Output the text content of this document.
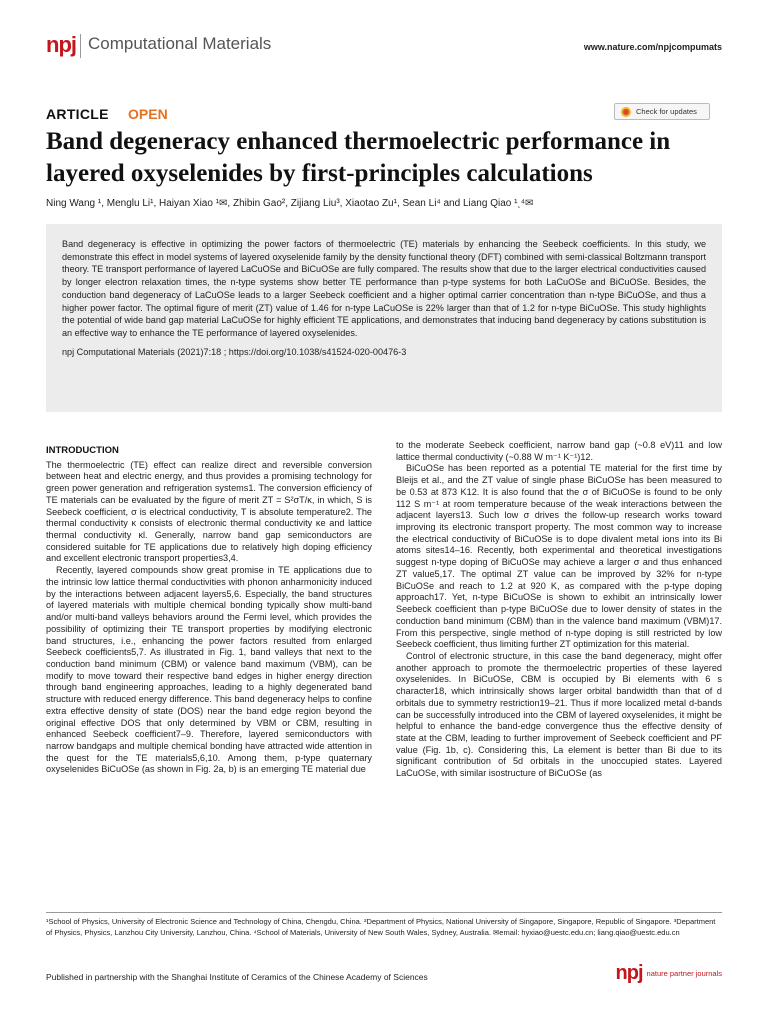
npj Computational Materials	www.nature.com/npjcompumats
ARTICLE OPEN	Check for updates
Band degeneracy enhanced thermoelectric performance in layered oxyselenides by first-principles calculations
Ning Wang ¹, Menglu Li¹, Haiyan Xiao ¹✉, Zhibin Gao², Zijiang Liu³, Xiaotao Zu¹, Sean Li⁴ and Liang Qiao ¹ˎ⁴✉

Band degeneracy is effective in optimizing the power factors of thermoelectric (TE) materials by enhancing the Seebeck coefficients. In this study, we demonstrate this effect in model systems of layered oxyselenide family by the density functional theory (DFT) combined with semi-classical Boltzmann transport theory. TE transport performance of layered LaCuOSe and BiCuOSe are fully compared. The results show that due to the larger electrical conductivities caused by longer electron relaxation times, the n-type systems show better TE performance than p-type systems for both LaCuOSe and BiCuOSe. Besides, the conduction band degeneracy of LaCuOSe leads to a larger Seebeck coefficient and a higher optimal carrier concentration than n-type BiCuOSe, and thus a higher power factor. The optimal figure of merit (ZT) value of 1.46 for n-type LaCuOSe is 22% larger than that of 1.2 for n-type BiCuOSe. This study highlights the potential of wide band gap material LaCuOSe for highly efficient TE applications, and demonstrates that inducing band degeneracy by cations substitution is an effective way to enhance the TE performance of layered oxyselenides.

npj Computational Materials (2021)7:18 ; https://doi.org/10.1038/s41524-020-00476-3
INTRODUCTION

The thermoelectric (TE) effect can realize direct and reversible conversion between heat and electric energy, and thus provides a promising technology for green power generation and refrigeration systems1. The conversion efficiency of TE materials can be evaluated by the figure of merit ZT = S²σT/κ, in which, S is Seebeck coefficient, σ is electrical conductivity, T is absolute temperature2. The thermal conductivity κ consists of electronic thermal conductivity κe and lattice thermal conductivity κl. Generally, narrow band gap semiconductors are considered suitable for TE applications due to relatively high doping efficiency and excellent electronic transport properties3,4.

Recently, layered compounds show great promise in TE applications due to the intrinsic low lattice thermal conductivities with phonon anharmonicity induced by the interactions between adjacent layers5,6. Especially, the band structures of layered materials with multiple chemical bonding typically show multi-band and/or multi-band valleys behaviors around the Fermi level, which provides the possibility of optimizing their TE transport properties by modifying electronic band structures, i.e., enhancing the power factors resulted from enlarged Seebeck coefficients5,7. As illustrated in Fig. 1, band valleys that next to the conduction band minimum (CBM) or valence band maximum (VBM), can be modify to move toward their respective band edges in higher energy direction through band engineering approaches, leading to a highly degenerated band structure with reduced energy difference. This band degeneracy helps to confine extra effective density of state (DOS) near the band edge region beyond the original effective DOS that only determined by VBM or CBM, resulting in enhanced Seebeck coefficient7–9. Therefore, layered semiconductors with narrow bandgaps and multiple chemical bonding have attracted wide attention in the quest for the TE materials5,6,10. Among them, p-type quaternary oxyselenides BiCuOSe (as shown in Fig. 2a, b) is an emerging TE material due

to the moderate Seebeck coefficient, narrow band gap (~0.8 eV)11 and low lattice thermal conductivity (~0.88 W m⁻¹ K⁻¹)12.

BiCuOSe has been reported as a potential TE material for the first time by Bleijs et al., and the ZT value of single phase BiCuOSe has been measured to be 0.53 at 873 K12. It is also found that the σ of BiCuOSe is found to be only 112 S m⁻¹ at room temperature because of the weak interactions between the adjacent layers13. Such low σ drives the follow-up research works toward improving its electronic transport property. The most common way to increase the electrical conductivity of BiCuOSe is to dope divalent metal ions into its Bi atoms sites14–16. Recently, both experimental and theoretical investigations suggest n-type doping of BiCuOSe may achieve a larger σ and thus enhanced ZT value5,17. The optimal ZT value can be improved by 32% for n-type BiCuOSe and reach to 1.2 at 920 K, as compared with the p-type doping approach17. Yet, n-type BiCuOSe is shown to exhibit an intrinsically lower Seebeck coefficient than p-type BiCuOSe due to lower density of states in the conduction band minimum (CBM) than in the valence band maximum (VBM)17. From this perspective, single method of n-type doping is still restricted by low Seebeck coefficient, thus limiting further ZT optimization for this material.

Control of electronic structure, in this case the band degeneracy, might offer another approach to promote the thermoelectric properties of these layered oxyselenides. In BiCuOSe, CBM is occupied by Bi elements with 6 s character18, which intrinsically shows larger orbital bandwidth than that of d orbitals due to symmetry restriction19–21. Thus if more localized metal d-bands can be successfully introduced into the CBM of layered oxyselenides, it might be helpful to enhance the band-edge convergence thus the effective density of state at the CBM, leading to further improvement of Seebeck coefficient and PF value (Fig. 1b, c). Considering this, La element is better than Bi due to its significant contribution of 5d orbitals in the unoccupied states. Layered LaCuOSe, with similar isostructure of BiCuOSe (as

¹School of Physics, University of Electronic Science and Technology of China, Chengdu, China. ²Department of Physics, National University of Singapore, Singapore, Republic of Singapore. ³Department of Physics, Physics, Lanzhou City University, Lanzhou, China. ⁴School of Materials, University of New South Wales, Sydney, Australia. ✉email: hyxiao@uestc.edu.cn; liang.qiao@uestc.edu.cn
Published in partnership with the Shanghai Institute of Ceramics of the Chinese Academy of Sciences	npj nature partner journals
